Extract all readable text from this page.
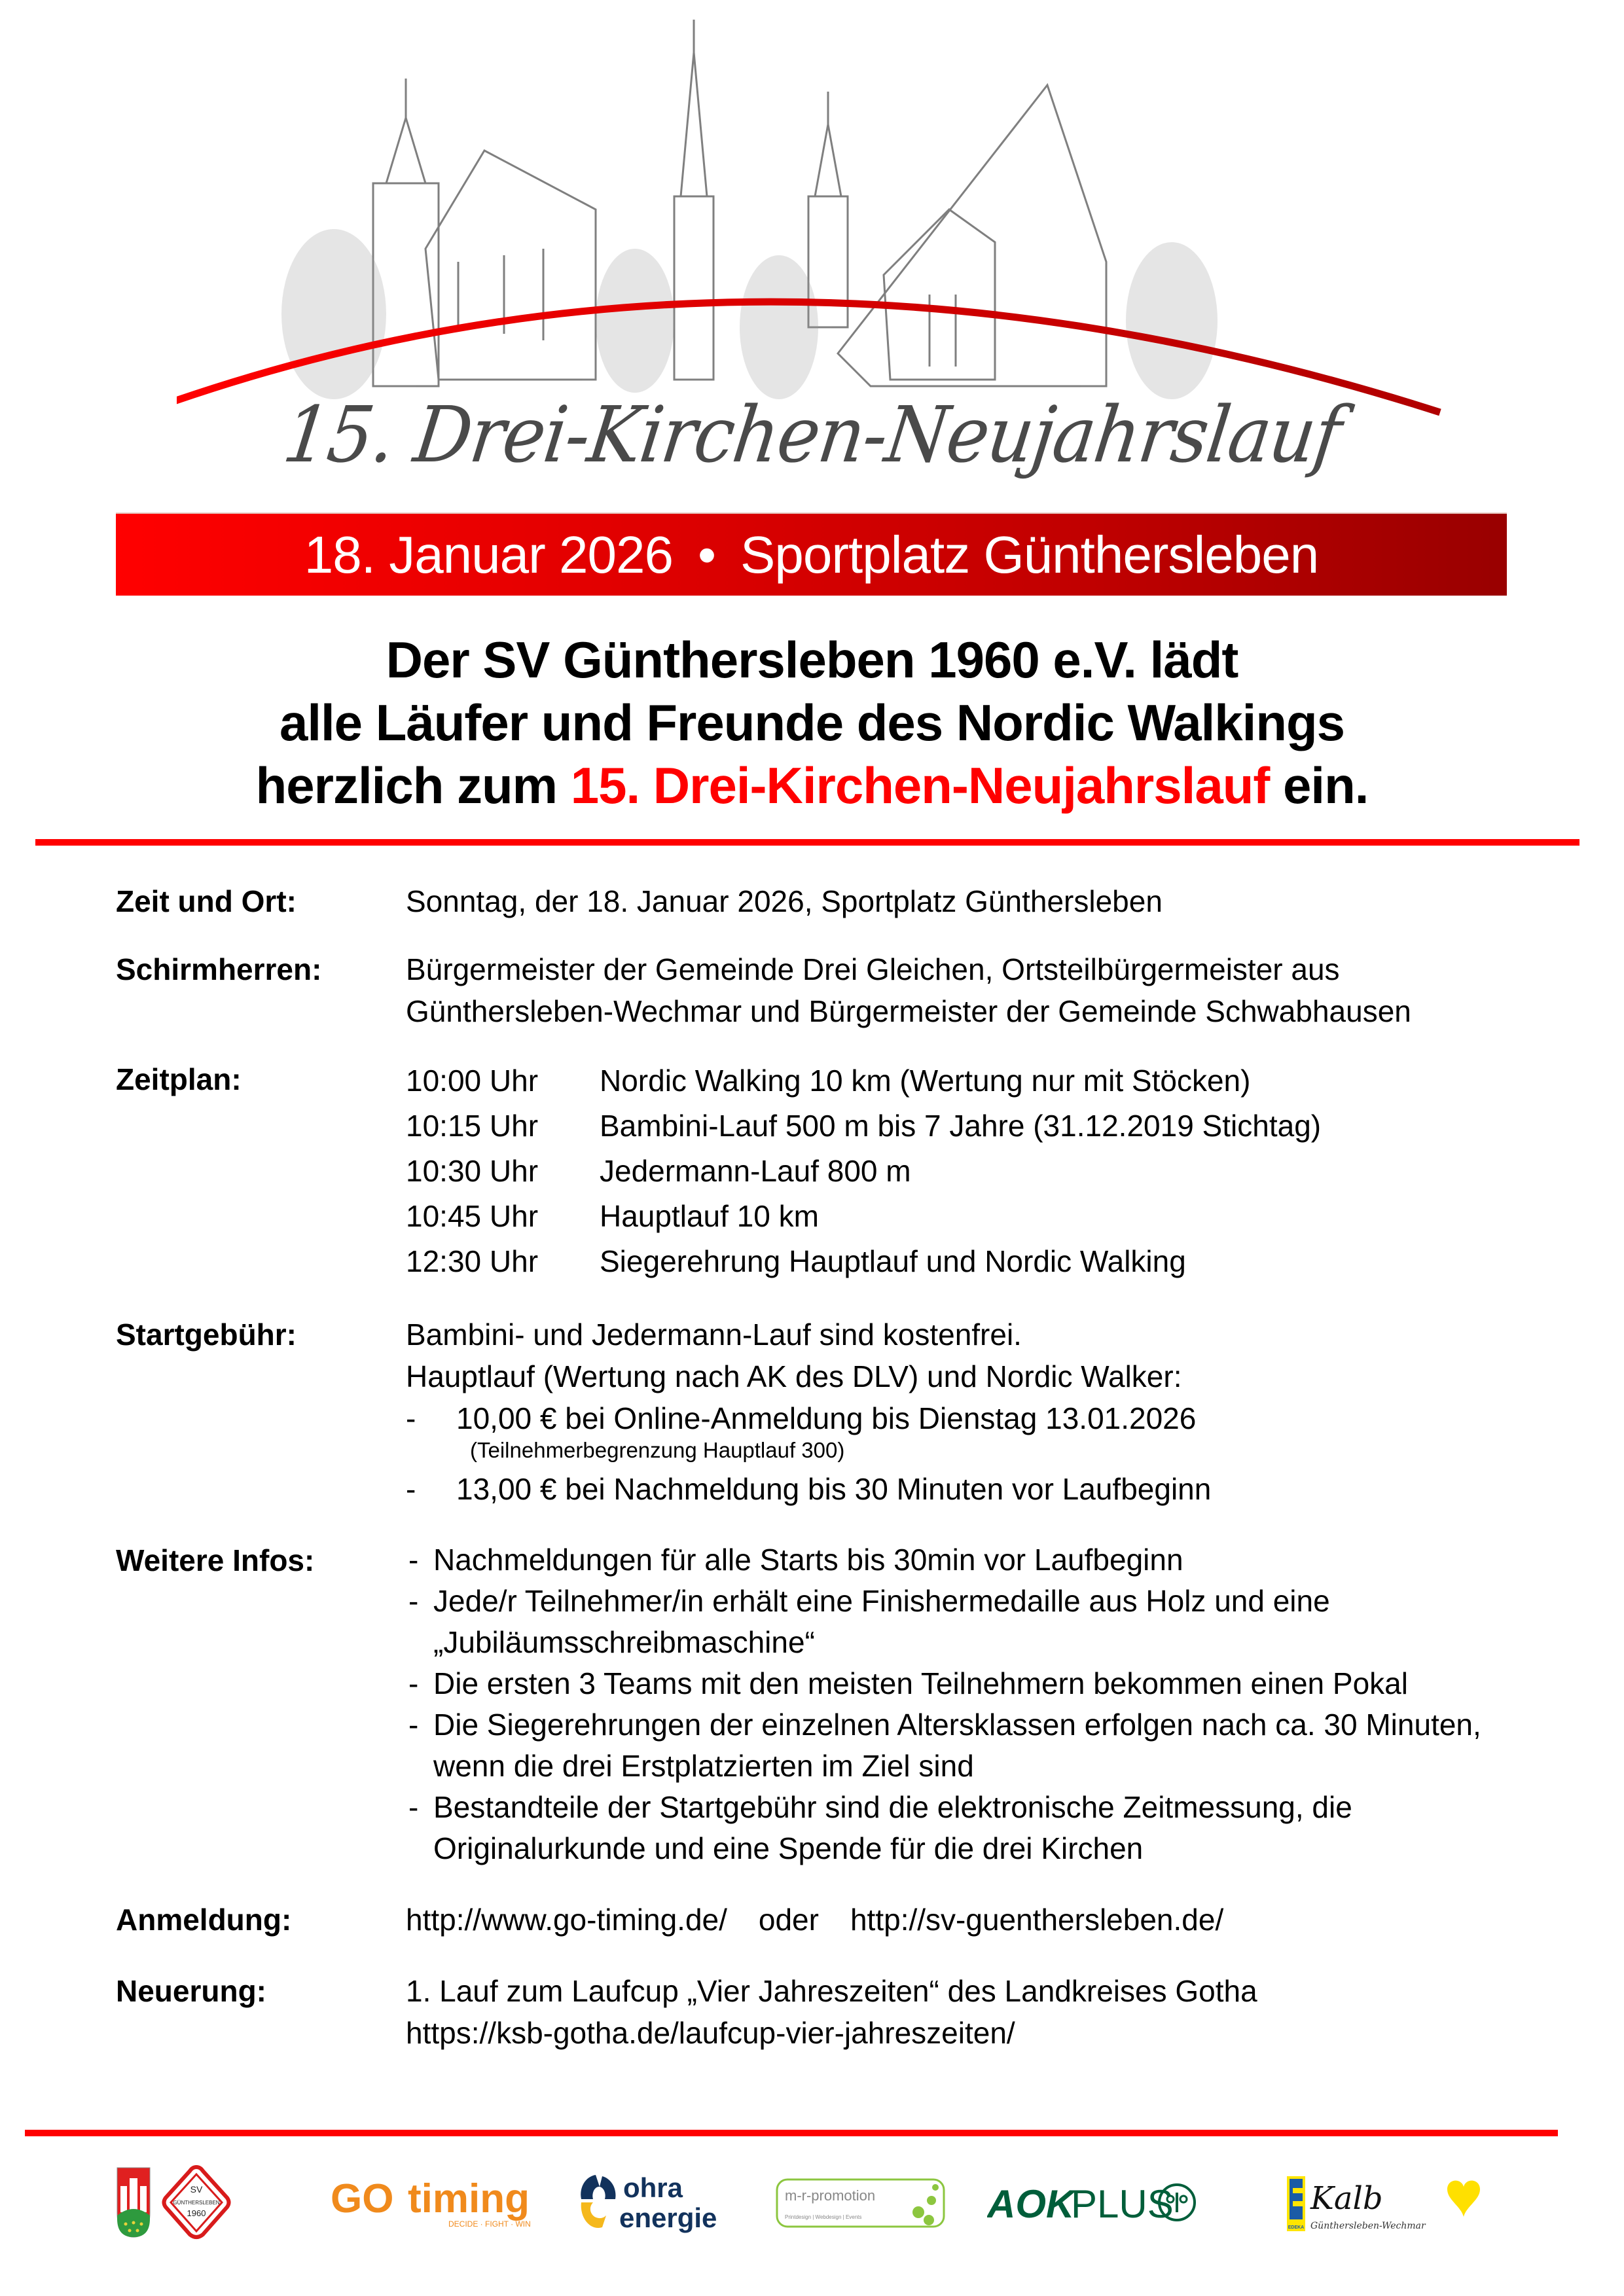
15. Drei-Kirchen-Neujahrslauf
18. Januar 2026 • Sportplatz Günthersleben
Der SV Günthersleben 1960 e.V. lädt
alle Läufer und Freunde des Nordic Walkings
herzlich zum 15. Drei-Kirchen-Neujahrslauf ein.
Zeit und Ort:	Sonntag, der 18. Januar 2026, Sportplatz Günthersleben
Schirmherren:	Bürgermeister der Gemeinde Drei Gleichen, Ortsteilbürgermeister aus
Günthersleben-Wechmar und Bürgermeister der Gemeinde Schwabhausen
Zeitplan:	10:00 Uhr	Nordic Walking 10 km (Wertung nur mit Stöcken)
10:15 Uhr	Bambini-Lauf 500 m bis 7 Jahre (31.12.2019 Stichtag)
10:30 Uhr	Jedermann-Lauf 800 m
10:45 Uhr	Hauptlauf 10 km
12:30 Uhr	Siegerehrung Hauptlauf und Nordic Walking
Startgebühr:	Bambini- und Jedermann-Lauf sind kostenfrei.
Hauptlauf (Wertung nach AK des DLV) und Nordic Walker:
-	10,00 € bei Online-Anmeldung bis Dienstag 13.01.2026
(Teilnehmerbegrenzung Hauptlauf 300)
-	13,00 € bei Nachmeldung bis 30 Minuten vor Laufbeginn
Weitere Infos:	- Nachmeldungen für alle Starts bis 30min vor Laufbeginn
- Jede/r Teilnehmer/in erhält eine Finishermedaille aus Holz und eine
„Jubiläumsschreibmaschine“
- Die ersten 3 Teams mit den meisten Teilnehmern bekommen einen Pokal
- Die Siegerehrungen der einzelnen Altersklassen erfolgen nach ca. 30 Minuten,
wenn die drei Erstplatzierten im Ziel sind
- Bestandteile der Startgebühr sind die elektronische Zeitmessung, die
Originalurkunde und eine Spende für die drei Kirchen
Anmeldung:	http://www.go-timing.de/ oder http://sv-guenthersleben.de/
Neuerung:	1. Lauf zum Laufcup „Vier Jahreszeiten“ des Landkreises Gotha
https://ksb-gotha.de/laufcup-vier-jahreszeiten/
SV
GÜNTHERSLEBEN
1960	GO timing
DECIDE · FIGHT · WIN
ohra
energie
m-r-promotion
Printdesign | Webdesign | Events	AOK
PLUS
EDEKA
Kalb
Günthersleben-Wechmar
